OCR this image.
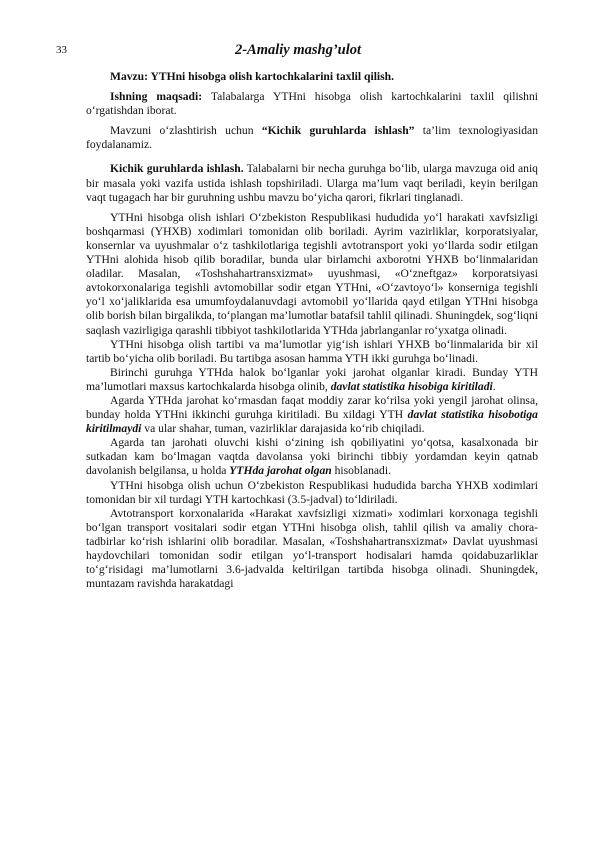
33	2-Amaliy mashg’ulot

Mavzu: YTHni hisobga olish kartochkalarini taxlil qilish.

Ishning maqsadi: Talabalarga YTHni hisobga olish kartochkalarini taxlil qilishni o‘rgatishdan iborat.

Mavzuni o‘zlashtirish uchun “Kichik guruhlarda ishlash” ta’lim texnologiyasidan foydalanamiz.

Kichik guruhlarda ishlash. Talabalarni bir necha guruhga bo‘lib, ularga mavzuga oid aniq bir masala yoki vazifa ustida ishlash topshiriladi. Ularga ma’lum vaqt beriladi, keyin berilgan vaqt tugagach har bir guruhning ushbu mavzu bo‘yicha qarori, fikrlari tinglanadi.

YTHni hisobga olish ishlari O‘zbekiston Respublikasi hududida yo‘l harakati xavfsizligi boshqarmasi (YHXB) xodimlari tomonidan olib boriladi. Ayrim vazirliklar, korporatsiyalar, konsernlar va uyushmalar o‘z tashkilotlariga tegishli avtotransport yoki yo‘llarda sodir etilgan YTHni alohida hisob qilib boradilar, bunda ular birlamchi axborotni YHXB bo‘linmalaridan oladilar. Masalan, «Toshshahartransxizmat» uyushmasi, «O‘zneftgaz» korporatsiyasi avtokorxonalariga tegishli avtomobillar sodir etgan YTHni, «O‘zavtoyo‘l» konserniga tegishli yo‘l xo‘jaliklarida esa umumfoydalanuvdagi avtomobil yo‘llarida qayd etilgan YTHni hisobga olib borish bilan birgalikda, to‘plangan ma’lumotlar batafsil tahlil qilinadi. Shuningdek, sog‘liqni saqlash vazirligiga qarashli tibbiyot tashkilotlarida YTHda jabrlanganlar ro‘yxatga olinadi.

YTHni hisobga olish tartibi va ma’lumotlar yig‘ish ishlari YHXB bo‘linmalarida bir xil tartib bo‘yicha olib boriladi. Bu tartibga asosan hamma YTH ikki guruhga bo‘linadi.

Birinchi guruhga YTHda halok bo‘lganlar yoki jarohat olganlar kiradi. Bunday YTH ma’lumotlari maxsus kartochkalarda hisobga olinib, davlat statistika hisobiga kiritiladi.

Agarda YTHda jarohat ko‘rmasdan faqat moddiy zarar ko‘rilsa yoki yengil jarohat olinsa, bunday holda YTHni ikkinchi guruhga kiritiladi. Bu xildagi YTH davlat statistika hisobotiga kiritilmaydi va ular shahar, tuman, vazirliklar darajasida ko‘rib chiqiladi.

Agarda tan jarohati oluvchi kishi o‘zining ish qobiliyatini yo‘qotsa, kasalxonada bir sutkadan kam bo‘lmagan vaqtda davolansa yoki birinchi tibbiy yordamdan keyin qatnab davolanish belgilansa, u holda YTHda jarohat olgan hisoblanadi.

YTHni hisobga olish uchun O‘zbekiston Respublikasi hududida barcha YHXB xodimlari tomonidan bir xil turdagi YTH kartochkasi (3.5-jadval) to‘ldiriladi.

Avtotransport korxonalarida «Harakat xavfsizligi xizmati» xodimlari korxonaga tegishli bo‘lgan transport vositalari sodir etgan YTHni hisobga olish, tahlil qilish va amaliy chora-tadbirlar ko‘rish ishlarini olib boradilar. Masalan, «Toshshahartransxizmat» Davlat uyushmasi haydovchilari tomonidan sodir etilgan yo‘l-transport hodisalari hamda qoidabuzarliklar to‘g‘risidagi ma’lumotlarni 3.6-jadvalda keltirilgan tartibda hisobga olinadi. Shuningdek, muntazam ravishda harakatdagi
